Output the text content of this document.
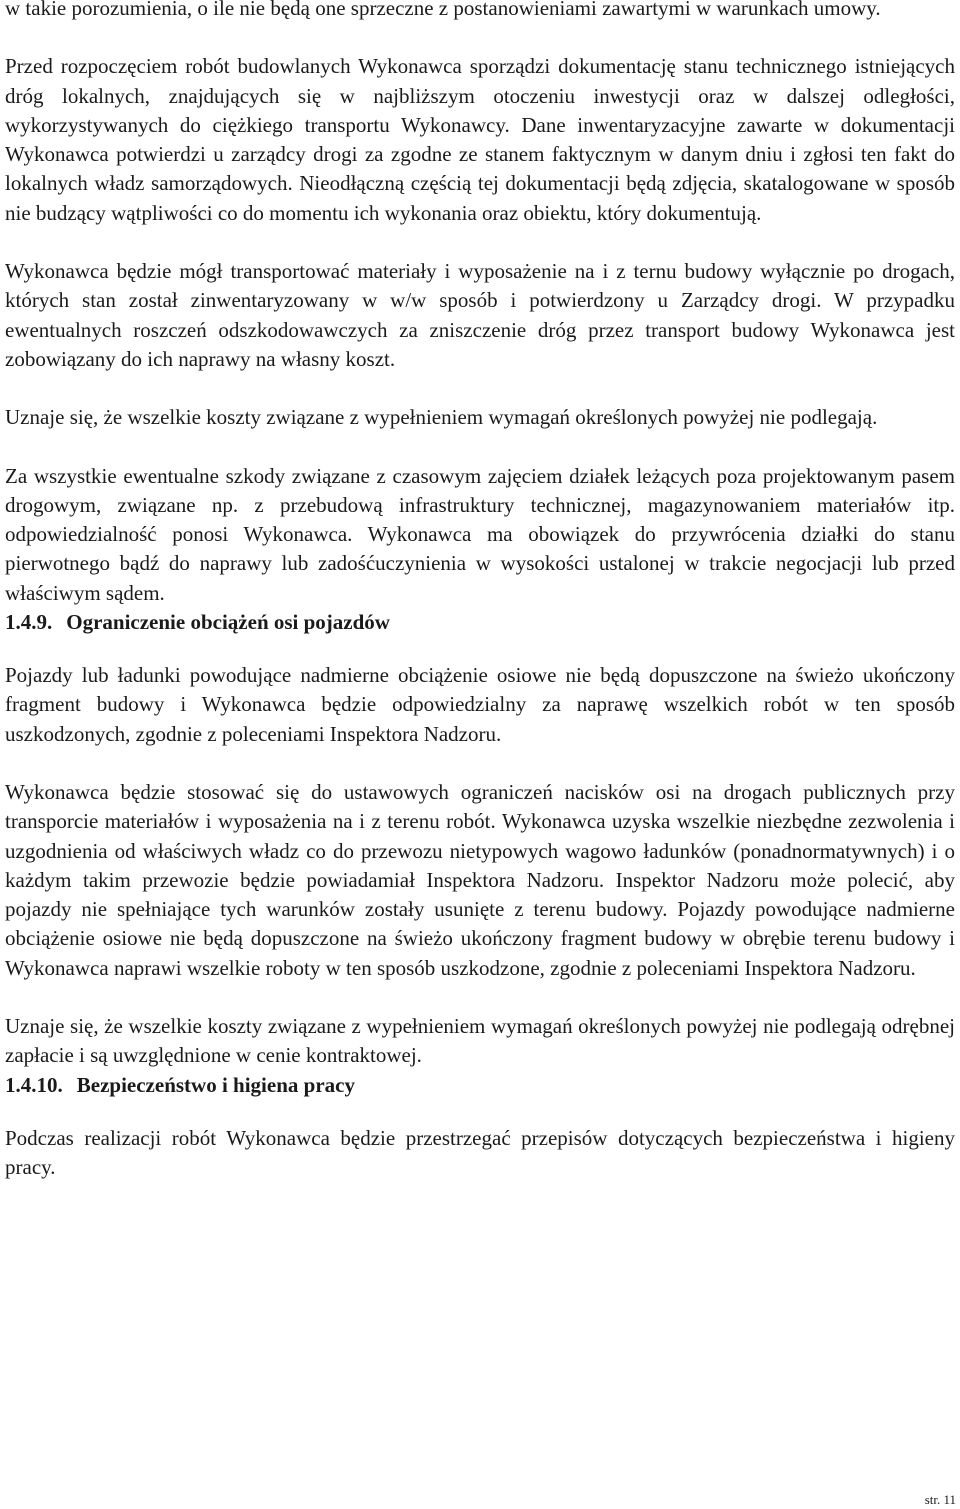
w takie porozumienia, o ile nie będą one sprzeczne z postanowieniami zawartymi w warunkach umowy.

Przed rozpoczęciem robót budowlanych Wykonawca sporządzi dokumentację stanu technicznego istniejących dróg lokalnych, znajdujących się w najbliższym otoczeniu inwestycji oraz w dalszej odległości, wykorzystywanych do ciężkiego transportu Wykonawcy. Dane inwentaryzacyjne zawarte w dokumentacji Wykonawca potwierdzi u zarządcy drogi za zgodne ze stanem faktycznym w danym dniu i zgłosi ten fakt do lokalnych władz samorządowych. Nieodłączną częścią tej dokumentacji będą zdjęcia, skatalogowane w sposób nie budzący wątpliwości co do momentu ich wykonania oraz obiektu, który dokumentują.

Wykonawca będzie mógł transportować materiały i wyposażenie na i z ternu budowy wyłącznie po drogach, których stan został zinwentaryzowany w w/w sposób i potwierdzony u Zarządcy drogi. W przypadku ewentualnych roszczeń odszkodowawczych za zniszczenie dróg przez transport budowy Wykonawca jest zobowiązany do ich naprawy na własny koszt.

Uznaje się, że wszelkie koszty związane z wypełnieniem wymagań określonych powyżej nie podlegają.

Za wszystkie ewentualne szkody związane z czasowym zajęciem działek leżących poza projektowanym pasem drogowym, związane np. z przebudową infrastruktury technicznej, magazynowaniem materiałów itp. odpowiedzialność ponosi Wykonawca. Wykonawca ma obowiązek do przywrócenia działki do stanu pierwotnego bądź do naprawy lub zadośćuczynienia w wysokości ustalonej w trakcie negocjacji lub przed właściwym sądem.

1.4.9. Ograniczenie obciążeń osi pojazdów

Pojazdy lub ładunki powodujące nadmierne obciążenie osiowe nie będą dopuszczone na świeżo ukończony fragment budowy i Wykonawca będzie odpowiedzialny za naprawę wszelkich robót w ten sposób uszkodzonych, zgodnie z poleceniami Inspektora Nadzoru.

Wykonawca będzie stosować się do ustawowych ograniczeń nacisków osi na drogach publicznych przy transporcie materiałów i wyposażenia na i z terenu robót. Wykonawca uzyska wszelkie niezbędne zezwolenia i uzgodnienia od właściwych władz co do przewozu nietypowych wagowo ładunków (ponadnormatywnych) i o każdym takim przewozie będzie powiadamiał Inspektora Nadzoru. Inspektor Nadzoru może polecić, aby pojazdy nie spełniające tych warunków zostały usunięte z terenu budowy. Pojazdy powodujące nadmierne obciążenie osiowe nie będą dopuszczone na świeżo ukończony fragment budowy w obrębie terenu budowy i Wykonawca naprawi wszelkie roboty w ten sposób uszkodzone, zgodnie z poleceniami Inspektora Nadzoru.

Uznaje się, że wszelkie koszty związane z wypełnieniem wymagań określonych powyżej nie podlegają odrębnej zapłacie i są uwzględnione w cenie kontraktowej.

1.4.10. Bezpieczeństwo i higiena pracy

Podczas realizacji robót Wykonawca będzie przestrzegać przepisów dotyczących bezpieczeństwa i higieny pracy.

str. 11
